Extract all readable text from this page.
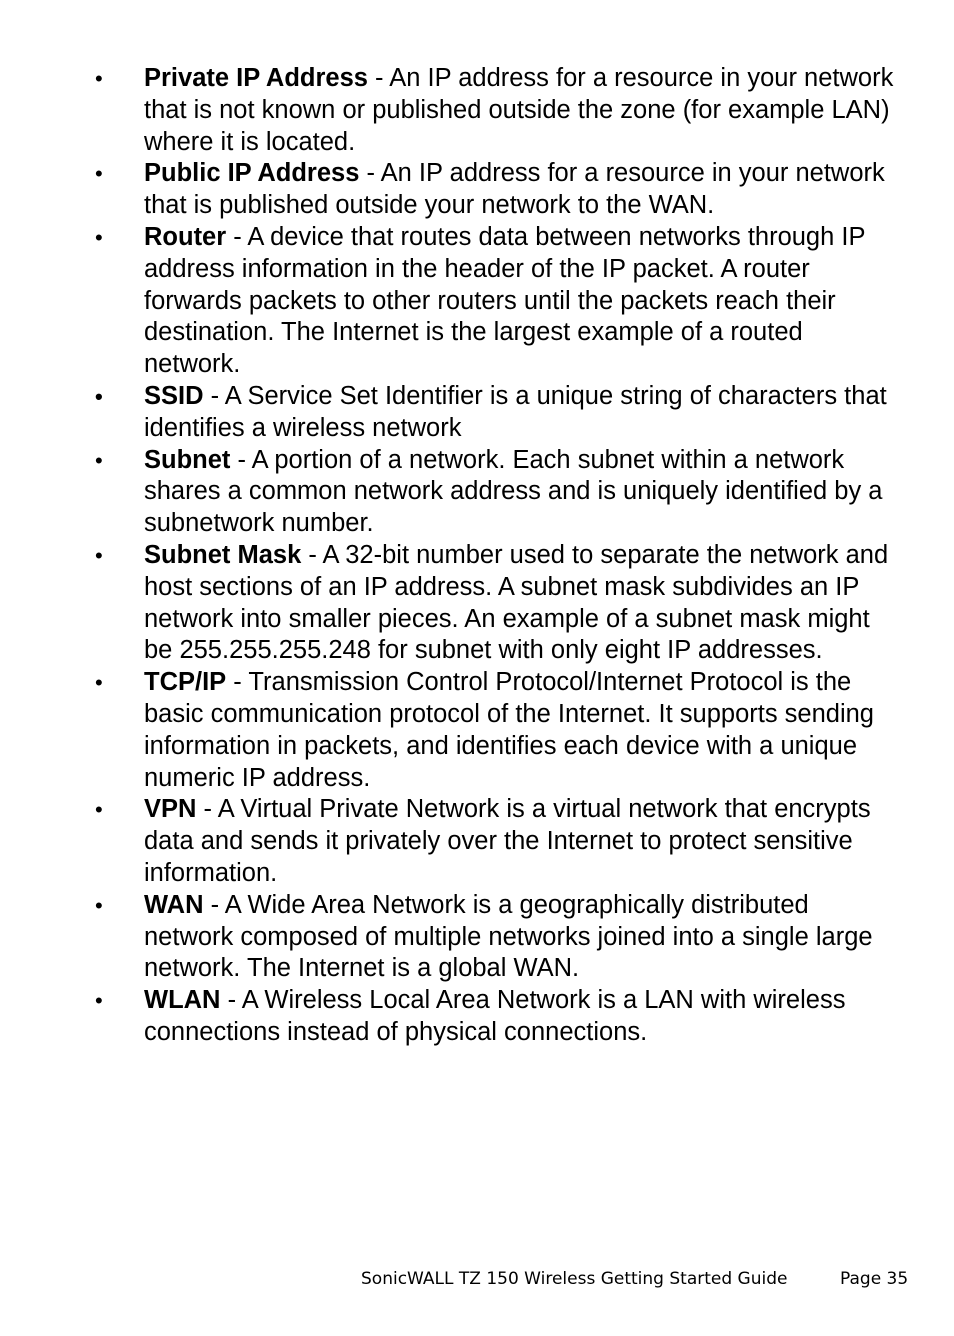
•	Private IP Address - An IP address for a resource in your network that is not known or published outside the zone (for example LAN) where it is located.
•	Public IP Address - An IP address for a resource in your network that is published outside your network to the WAN.
•	Router - A device that routes data between networks through IP address information in the header of the IP packet. A router forwards packets to other routers until the packets reach their destination. The Internet is the largest example of a routed network.
•	SSID - A Service Set Identifier is a unique string of characters that identifies a wireless network
•	Subnet - A portion of a network. Each subnet within a network shares a common network address and is uniquely identified by a subnetwork number.
•	Subnet Mask - A 32-bit number used to separate the network and host sections of an IP address. A subnet mask subdivides an IP network into smaller pieces. An example of a subnet mask might be 255.255.255.248 for subnet with only eight IP addresses.
•	TCP/IP - Transmission Control Protocol/Internet Protocol is the basic communication protocol of the Internet. It supports sending information in packets, and identifies each device with a unique numeric IP address.
•	VPN - A Virtual Private Network is a virtual network that encrypts data and sends it privately over the Internet to protect sensitive information.
•	WAN - A Wide Area Network is a geographically distributed network composed of multiple networks joined into a single large network. The Internet is a global WAN.
•	WLAN - A Wireless Local Area Network is a LAN with wireless connections instead of physical connections.
SonicWALL TZ 150 Wireless Getting Started Guide	Page 35
